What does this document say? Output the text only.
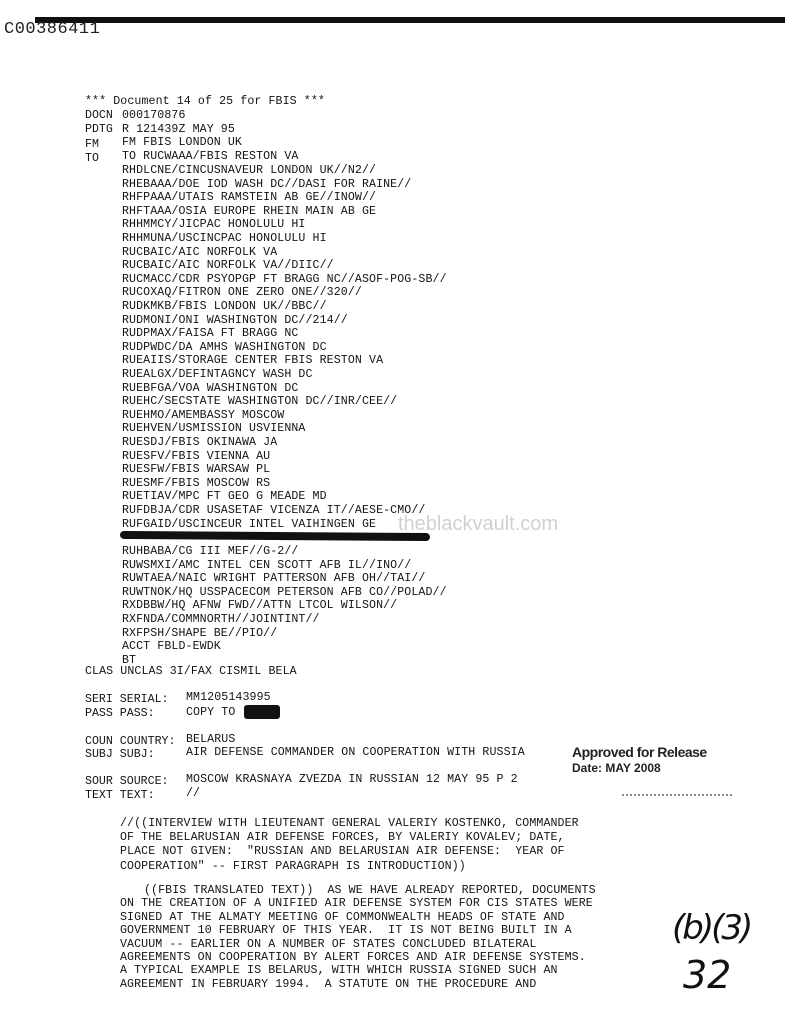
C00386411
*** Document 14 of 25 for FBIS ***
DOCN 000170876
PDTG R 121439Z MAY 95
FM FM FBIS LONDON UK
TO TO RUCWAAA/FBIS RESTON VA
RHDLCNE/CINCUSNAVEUR LONDON UK//N2//
RHEBAAA/DOE IOD WASH DC//DASI FOR RAINE//
RHFPAAA/UTAIS RAMSTEIN AB GE//INOW//
RHFTAAA/OSIA EUROPE RHEIN MAIN AB GE
RHHMMCY/JICPAC HONOLULU HI
RHHMUNA/USCINCPAC HONOLULU HI
RUCBAIC/AIC NORFOLK VA
RUCBAIC/AIC NORFOLK VA//DIIC//
RUCMACC/CDR PSYOPGP FT BRAGG NC//ASOF-POG-SB//
RUCOXAQ/FITRON ONE ZERO ONE//320//
RUDKMKB/FBIS LONDON UK//BBC//
RUDMONI/ONI WASHINGTON DC//214//
RUDPMAX/FAISA FT BRAGG NC
RUDPWDC/DA AMHS WASHINGTON DC
RUEAIIS/STORAGE CENTER FBIS RESTON VA
RUEALGX/DEFINTAGNCY WASH DC
RUEBFGA/VOA WASHINGTON DC
RUEHC/SECSTATE WASHINGTON DC//INR/CEE//
RUEHMO/AMEMBASSY MOSCOW
RUEHVEN/USMISSION USVIENNA
RUESDJ/FBIS OKINAWA JA
RUESFV/FBIS VIENNA AU
RUESFW/FBIS WARSAW PL
RUESMF/FBIS MOSCOW RS
RUETIAV/MPC FT GEO G MEADE MD
RUFDBJA/CDR USASETAF VICENZA IT//AESE-CMO//
RUFGAID/USCINCEUR INTEL VAIHINGEN GE theblackvault.com
RUHBABA/CG III MEF//G-2//
RUWSMXI/AMC INTEL CEN SCOTT AFB IL//INO//
RUWTAEA/NAIC WRIGHT PATTERSON AFB OH//TAI//
RUWTNOK/HQ USSPACECOM PETERSON AFB CO//POLAD//
RXDBBW/HQ AFNW FWD//ATTN LTCOL WILSON//
RXFNDA/COMMNORTH//JOINTINT//
RXFPSH/SHAPE BE//PIO//
ACCT FBLD-EWDK
BT
CLAS UNCLAS 3I/FAX CISMIL BELA
SERI SERIAL: MM1205143995
PASS PASS:	COPY TO
COUN COUNTRY: BELARUS
SUBJ SUBJ:	AIR DEFENSE COMMANDER ON COOPERATION WITH RUSSIA
SOUR SOURCE: MOSCOW KRASNAYA ZVEZDA IN RUSSIAN 12 MAY 95 P 2
TEXT TEXT:	//
Approved for Release
Date: MAY 2008
//((INTERVIEW WITH LIEUTENANT GENERAL VALERIY KOSTENKO, COMMANDER
OF THE BELARUSIAN AIR DEFENSE FORCES, BY VALERIY KOVALEV; DATE,
PLACE NOT GIVEN:  "RUSSIAN AND BELARUSIAN AIR DEFENSE:  YEAR OF
COOPERATION" -- FIRST PARAGRAPH IS INTRODUCTION))
((FBIS TRANSLATED TEXT))  AS WE HAVE ALREADY REPORTED, DOCUMENTS
ON THE CREATION OF A UNIFIED AIR DEFENSE SYSTEM FOR CIS STATES WERE
SIGNED AT THE ALMATY MEETING OF COMMONWEALTH HEADS OF STATE AND
GOVERNMENT 10 FEBRUARY OF THIS YEAR.  IT IS NOT BEING BUILT IN A
VACUUM -- EARLIER ON A NUMBER OF STATES CONCLUDED BILATERAL
AGREEMENTS ON COOPERATION BY ALERT FORCES AND AIR DEFENSE SYSTEMS.
A TYPICAL EXAMPLE IS BELARUS, WITH WHICH RUSSIA SIGNED SUCH AN
AGREEMENT IN FEBRUARY 1994.  A STATUTE ON THE PROCEDURE AND
(b)(3)
32
